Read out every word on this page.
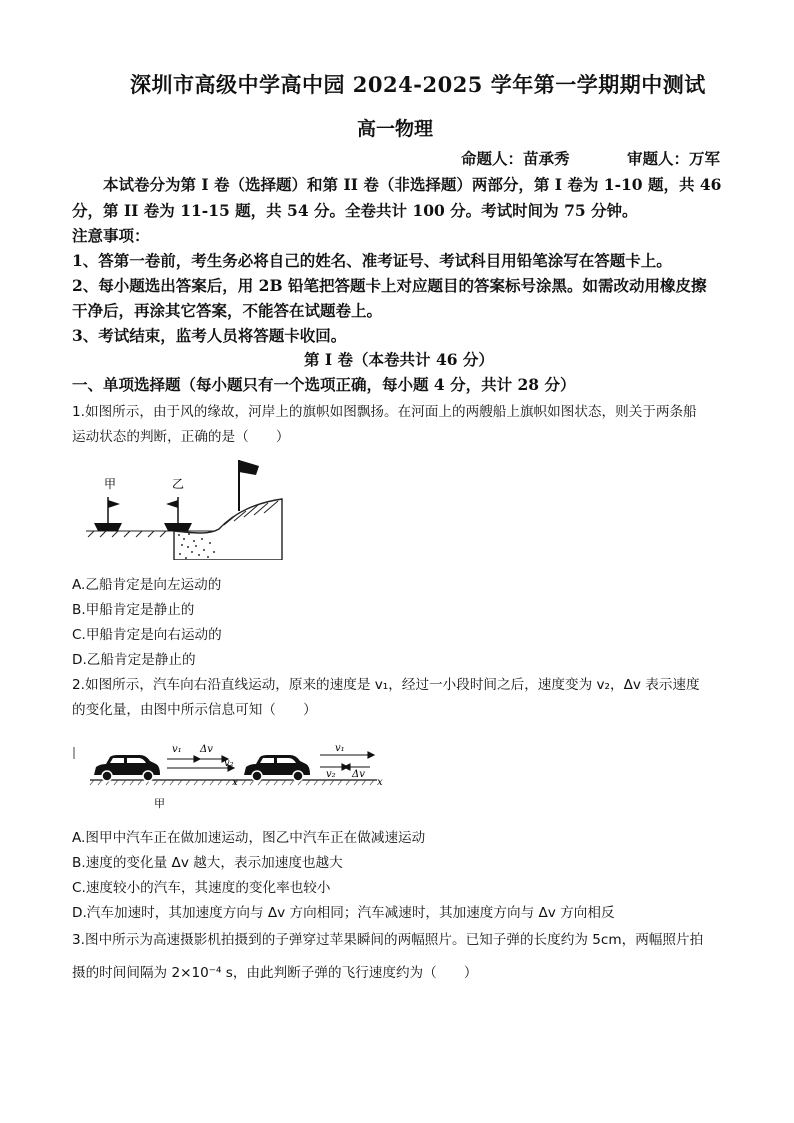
深圳市高级中学高中园 2024-2025 学年第一学期期中测试
高一物理
命题人：苗承秀	审题人：万军
本试卷分为第 I 卷（选择题）和第 II 卷（非选择题）两部分，第 I 卷为 1-10 题，共 46
分，第 II 卷为 11-15 题，共 54 分。全卷共计 100 分。考试时间为 75 分钟。
注意事项：
1、答第一卷前，考生务必将自己的姓名、准考证号、考试科目用铅笔涂写在答题卡上。
2、每小题选出答案后，用 2B 铅笔把答题卡上对应题目的答案标号涂黑。如需改动用橡皮擦
干净后，再涂其它答案，不能答在试题卷上。
3、考试结束，监考人员将答题卡收回。
第 I 卷（本卷共计 46 分）
一、单项选择题（每小题只有一个选项正确，每小题 4 分，共计 28 分）
1.如图所示，由于风的缘故，河岸上的旗帜如图飘扬。在河面上的两艘船上旗帜如图状态，则关于两条船
运动状态的判断，正确的是（　　）
甲	乙
A.乙船肯定是向左运动的
B.甲船肯定是静止的
C.甲船肯定是向右运动的
D.乙船肯定是静止的
2.如图所示，汽车向右沿直线运动，原来的速度是 v₁，经过一小段时间之后，速度变为 v₂，Δv 表示速度
的变化量，由图中所示信息可知（　　）
v₁ Δv
v₂
x
甲
v₁
v₂ Δv
x
A.图甲中汽车正在做加速运动，图乙中汽车正在做减速运动
B.速度的变化量 Δv 越大，表示加速度也越大
C.速度较小的汽车，其速度的变化率也较小
D.汽车加速时，其加速度方向与 Δv 方向相同；汽车减速时，其加速度方向与 Δv 方向相反
3.图中所示为高速摄影机拍摄到的子弹穿过苹果瞬间的两幅照片。已知子弹的长度约为 5cm，两幅照片拍
摄的时间间隔为 2×10⁻⁴ s，由此判断子弹的飞行速度约为（　　）
